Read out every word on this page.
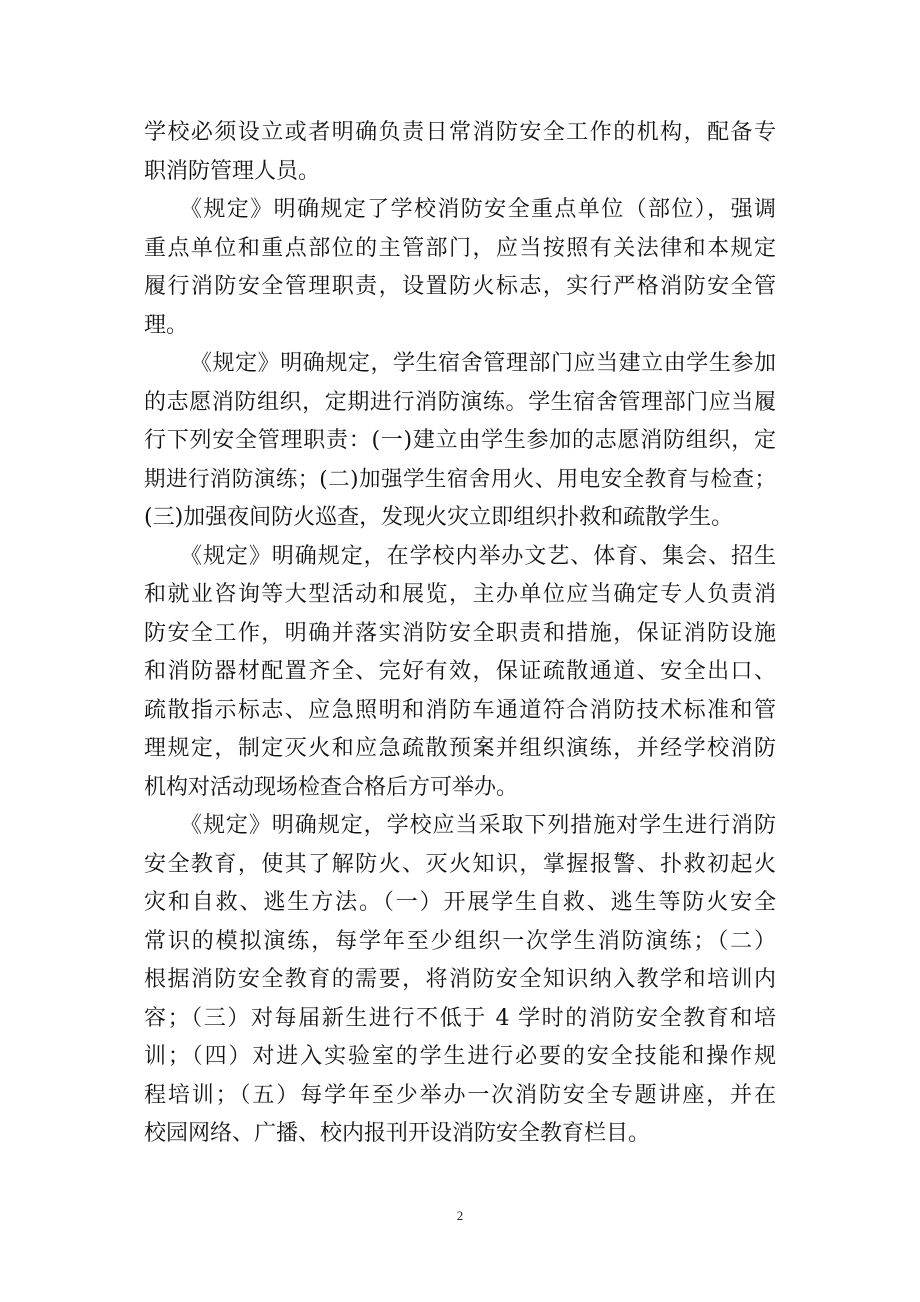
学校必须设立或者明确负责日常消防安全工作的机构，配备专
职消防管理人员。
《规定》明确规定了学校消防安全重点单位（部位），强调
重点单位和重点部位的主管部门，应当按照有关法律和本规定
履行消防安全管理职责，设置防火标志，实行严格消防安全管
理。
《规定》明确规定，学生宿舍管理部门应当建立由学生参加
的志愿消防组织，定期进行消防演练。学生宿舍管理部门应当履
行下列安全管理职责：(一)建立由学生参加的志愿消防组织，定
期进行消防演练；(二)加强学生宿舍用火、用电安全教育与检查；
(三)加强夜间防火巡查，发现火灾立即组织扑救和疏散学生。
《规定》明确规定，在学校内举办文艺、体育、集会、招生
和就业咨询等大型活动和展览，主办单位应当确定专人负责消
防安全工作，明确并落实消防安全职责和措施，保证消防设施
和消防器材配置齐全、完好有效，保证疏散通道、安全出口、
疏散指示标志、应急照明和消防车通道符合消防技术标准和管
理规定，制定灭火和应急疏散预案并组织演练，并经学校消防
机构对活动现场检查合格后方可举办。
《规定》明确规定，学校应当采取下列措施对学生进行消防
安全教育，使其了解防火、灭火知识，掌握报警、扑救初起火
灾和自救、逃生方法。（一）开展学生自救、逃生等防火安全
常识的模拟演练，每学年至少组织一次学生消防演练；（二）
根据消防安全教育的需要，将消防安全知识纳入教学和培训内
容；（三）对每届新生进行不低于 4 学时的消防安全教育和培
训；（四）对进入实验室的学生进行必要的安全技能和操作规
程培训；（五）每学年至少举办一次消防安全专题讲座，并在
校园网络、广播、校内报刊开设消防安全教育栏目。
2
